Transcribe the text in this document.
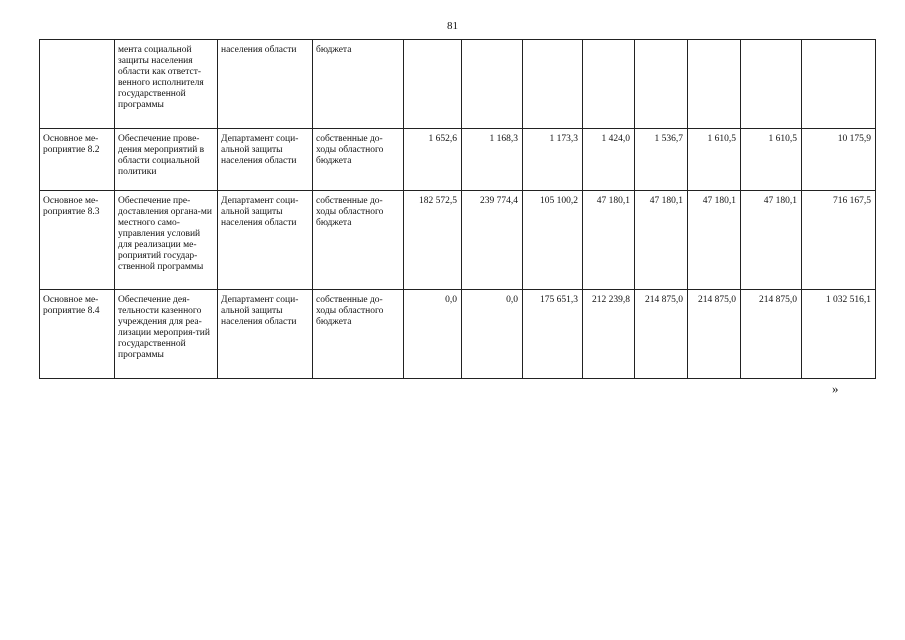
81
	мента социальной защиты населения области как ответст-венного исполнителя государственной программы	населения области	бюджета								
Основное ме-роприятие 8.2	Обеспечение прове-дения мероприятий в области социальной политики	Департамент соци-альной защиты населения области	собственные до-ходы областного бюджета	1 652,6	1 168,3	1 173,3	1 424,0	1 536,7	1 610,5	1 610,5	10 175,9
Основное ме-роприятие 8.3	Обеспечение пре-доставления органа-ми местного само-управления условий для реализации ме-роприятий государ-ственной программы	Департамент соци-альной защиты населения области	собственные до-ходы областного бюджета	182 572,5	239 774,4	105 100,2	47 180,1	47 180,1	47 180,1	47 180,1	716 167,5
Основное ме-роприятие 8.4	Обеспечение дея-тельности казенного учреждения для реа-лизации мероприя-тий государственной программы	Департамент соци-альной защиты населения области	собственные до-ходы областного бюджета	0,0	0,0	175 651,3	212 239,8	214 875,0	214 875,0	214 875,0	1 032 516,1
»
